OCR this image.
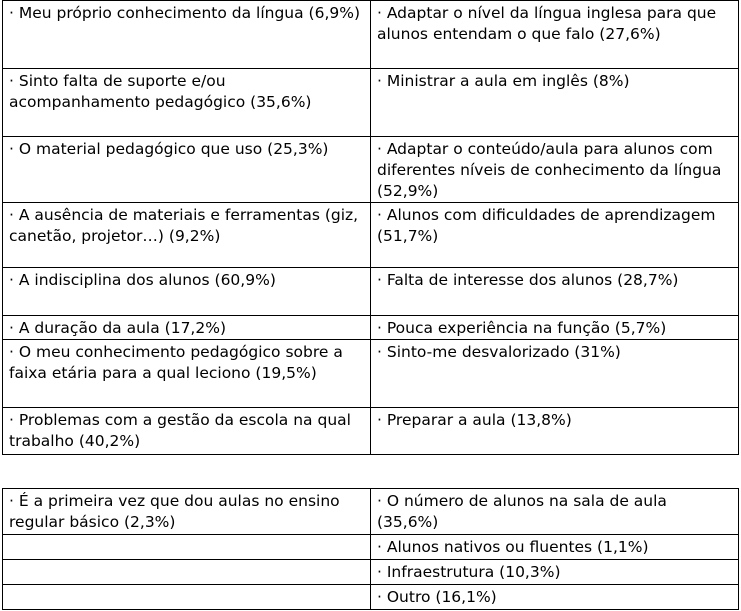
· Meu próprio conhecimento da língua (6,9%)	· Adaptar o nível da língua inglesa para que alunos entendam o que falo (27,6%)
· Sinto falta de suporte e/ou acompanhamento pedagógico (35,6%)	· Ministrar a aula em inglês (8%)
· O material pedagógico que uso (25,3%)	· Adaptar o conteúdo/aula para alunos com diferentes níveis de conhecimento da língua (52,9%)
· A ausência de materiais e ferramentas (giz, canetão, projetor…) (9,2%)	· Alunos com dificuldades de aprendizagem (51,7%)
· A indisciplina dos alunos (60,9%)	· Falta de interesse dos alunos (28,7%)
· A duração da aula (17,2%)	· Pouca experiência na função (5,7%)
· O meu conhecimento pedagógico sobre a faixa etária para a qual leciono (19,5%)	· Sinto-me desvalorizado (31%)
· Problemas com a gestão da escola na qual trabalho (40,2%)	· Preparar a aula (13,8%)
· É a primeira vez que dou aulas no ensino regular básico (2,3%)	· O número de alunos na sala de aula (35,6%)
	· Alunos nativos ou fluentes (1,1%)
	· Infraestrutura (10,3%)
	· Outro (16,1%)
